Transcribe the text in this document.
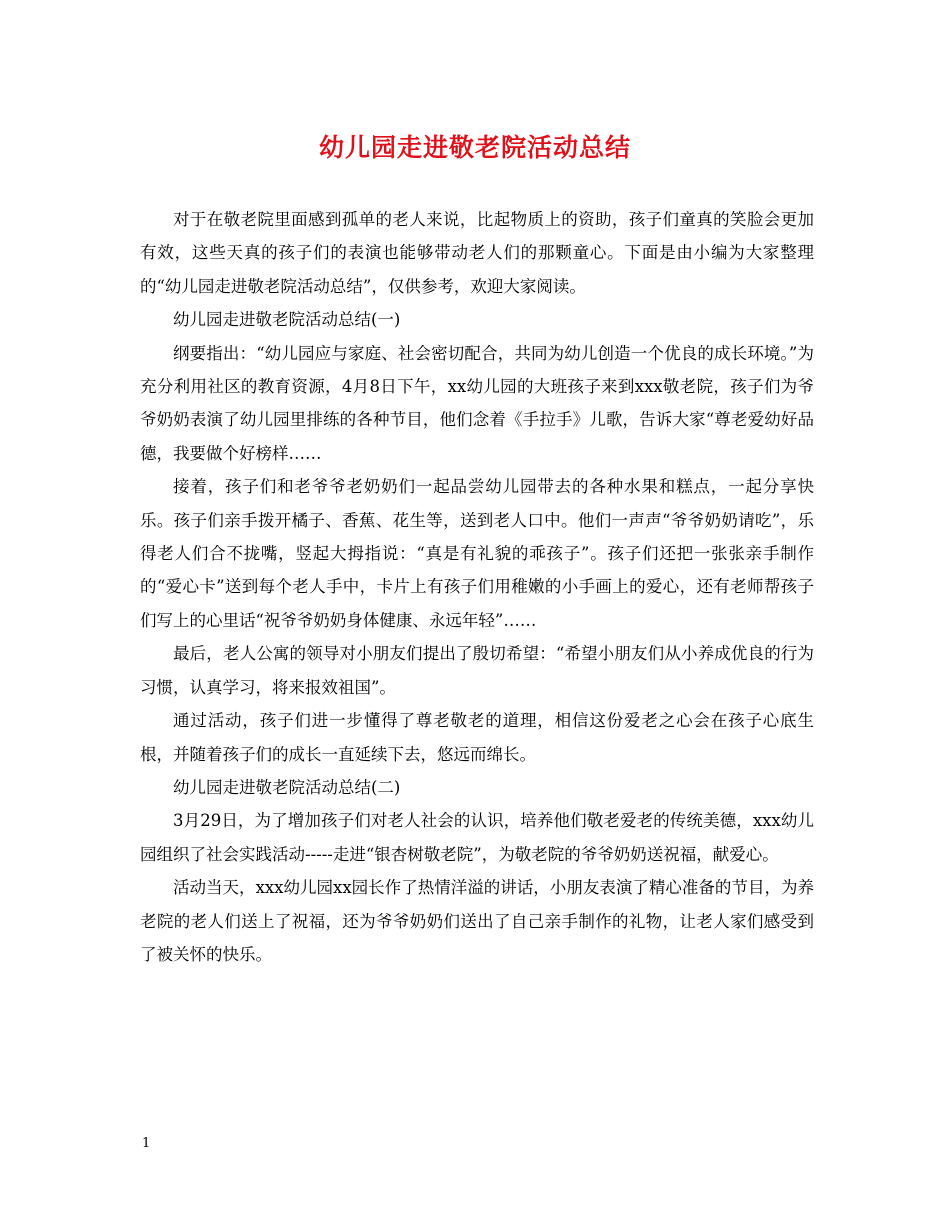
幼儿园走进敬老院活动总结

对于在敬老院里面感到孤单的老人来说，比起物质上的资助，孩子们童真的笑脸会更加有效，这些天真的孩子们的表演也能够带动老人们的那颗童心。下面是由小编为大家整理的“幼儿园走进敬老院活动总结”，仅供参考，欢迎大家阅读。

幼儿园走进敬老院活动总结(一)

纲要指出：“幼儿园应与家庭、社会密切配合，共同为幼儿创造一个优良的成长环境。”为充分利用社区的教育资源，4月8日下午，xx幼儿园的大班孩子来到xxx敬老院，孩子们为爷爷奶奶表演了幼儿园里排练的各种节目，他们念着《手拉手》儿歌，告诉大家“尊老爱幼好品德，我要做个好榜样……

接着，孩子们和老爷爷老奶奶们一起品尝幼儿园带去的各种水果和糕点，一起分享快乐。孩子们亲手拨开橘子、香蕉、花生等，送到老人口中。他们一声声“爷爷奶奶请吃”，乐得老人们合不拢嘴，竖起大拇指说：“真是有礼貌的乖孩子”。孩子们还把一张张亲手制作的“爱心卡”送到每个老人手中，卡片上有孩子们用稚嫩的小手画上的爱心，还有老师帮孩子们写上的心里话“祝爷爷奶奶身体健康、永远年轻”……

最后，老人公寓的领导对小朋友们提出了殷切希望：“希望小朋友们从小养成优良的行为习惯，认真学习，将来报效祖国”。

通过活动，孩子们进一步懂得了尊老敬老的道理，相信这份爱老之心会在孩子心底生根，并随着孩子们的成长一直延续下去，悠远而绵长。

幼儿园走进敬老院活动总结(二)

3月29日，为了增加孩子们对老人社会的认识，培养他们敬老爱老的传统美德，xxx幼儿园组织了社会实践活动-----走进“银杏树敬老院”，为敬老院的爷爷奶奶送祝福，献爱心。

活动当天，xxx幼儿园xx园长作了热情洋溢的讲话，小朋友表演了精心准备的节目，为养老院的老人们送上了祝福，还为爷爷奶奶们送出了自己亲手制作的礼物，让老人家们感受到了被关怀的快乐。

1
